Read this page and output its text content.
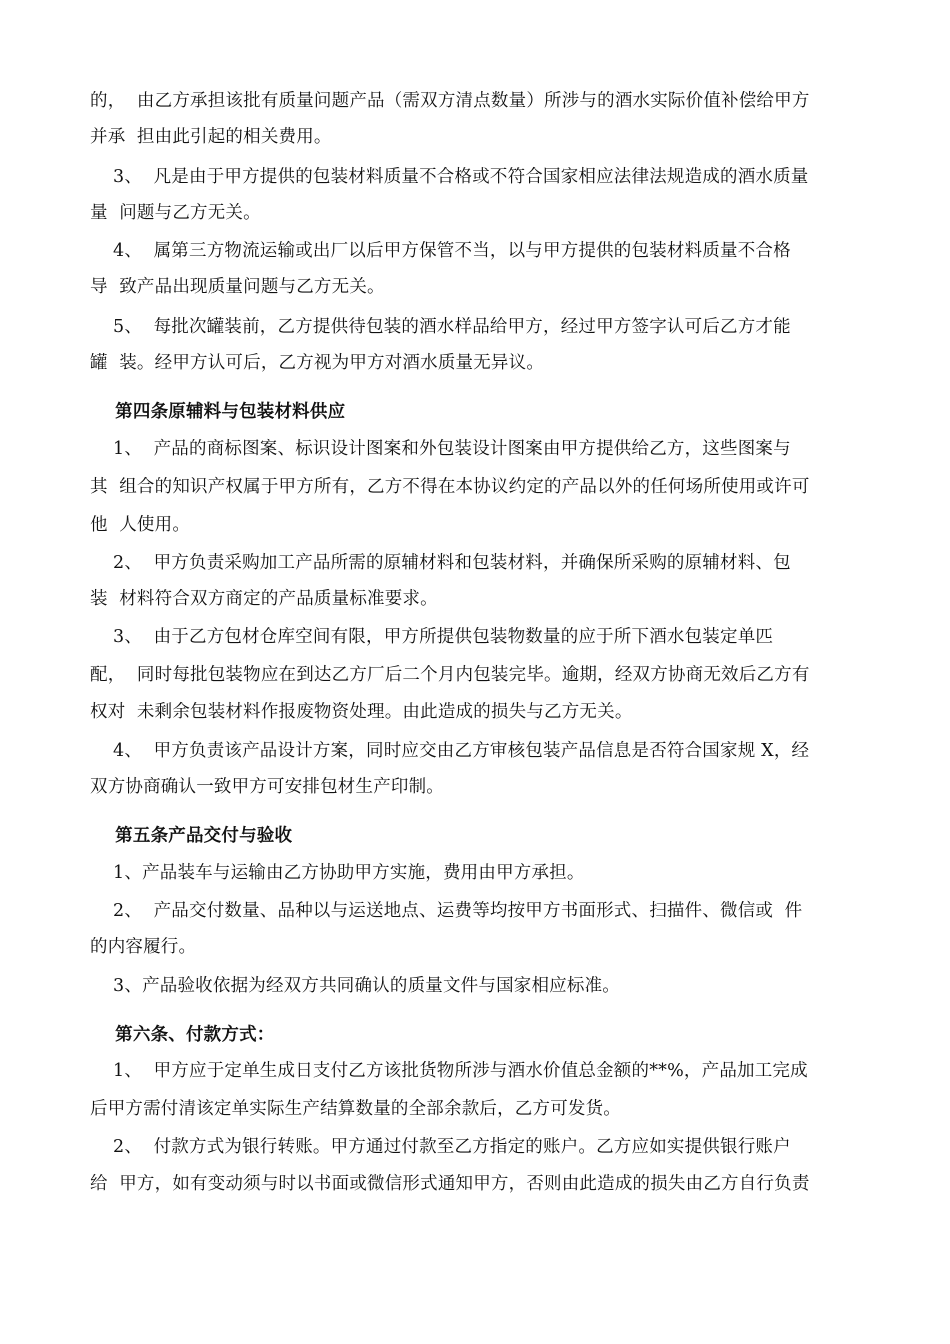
的，  由乙方承担该批有质量问题产品（需双方清点数量）所涉与的酒水实际价值补偿给甲方
并承  担由此引起的相关费用。
3、  凡是由于甲方提供的包装材料质量不合格或不符合国家相应法律法规造成的酒水质量
量  问题与乙方无关。
4、  属第三方物流运输或出厂以后甲方保管不当，以与甲方提供的包装材料质量不合格
导  致产品出现质量问题与乙方无关。
5、  每批次罐装前，乙方提供待包装的酒水样品给甲方，经过甲方签字认可后乙方才能
罐  装。经甲方认可后，乙方视为甲方对酒水质量无异议。
第四条原辅料与包装材料供应
1、  产品的商标图案、标识设计图案和外包装设计图案由甲方提供给乙方，这些图案与
其  组合的知识产权属于甲方所有，乙方不得在本协议约定的产品以外的任何场所使用或许可
他  人使用。
2、  甲方负责采购加工产品所需的原辅材料和包装材料，并确保所采购的原辅材料、包
装  材料符合双方商定的产品质量标准要求。
3、  由于乙方包材仓库空间有限，甲方所提供包装物数量的应于所下酒水包装定单匹
配，  同时每批包装物应在到达乙方厂后二个月内包装完毕。逾期，经双方协商无效后乙方有
权对  未剩余包装材料作报废物资处理。由此造成的损失与乙方无关。
4、  甲方负责该产品设计方案，同时应交由乙方审核包装产品信息是否符合国家规 X，经
双方协商确认一致甲方可安排包材生产印制。
第五条产品交付与验收
1、产品装车与运输由乙方协助甲方实施，费用由甲方承担。
2、  产品交付数量、品种以与运送地点、运费等均按甲方书面形式、扫描件、微信或  件
的内容履行。
3、产品验收依据为经双方共同确认的质量文件与国家相应标准。
第六条、付款方式：
1、  甲方应于定单生成日支付乙方该批货物所涉与酒水价值总金额的**%，产品加工完成
后甲方需付清该定单实际生产结算数量的全部余款后，乙方可发货。
2、  付款方式为银行转账。甲方通过付款至乙方指定的账户。乙方应如实提供银行账户
给  甲方，如有变动须与时以书面或微信形式通知甲方，否则由此造成的损失由乙方自行负责
